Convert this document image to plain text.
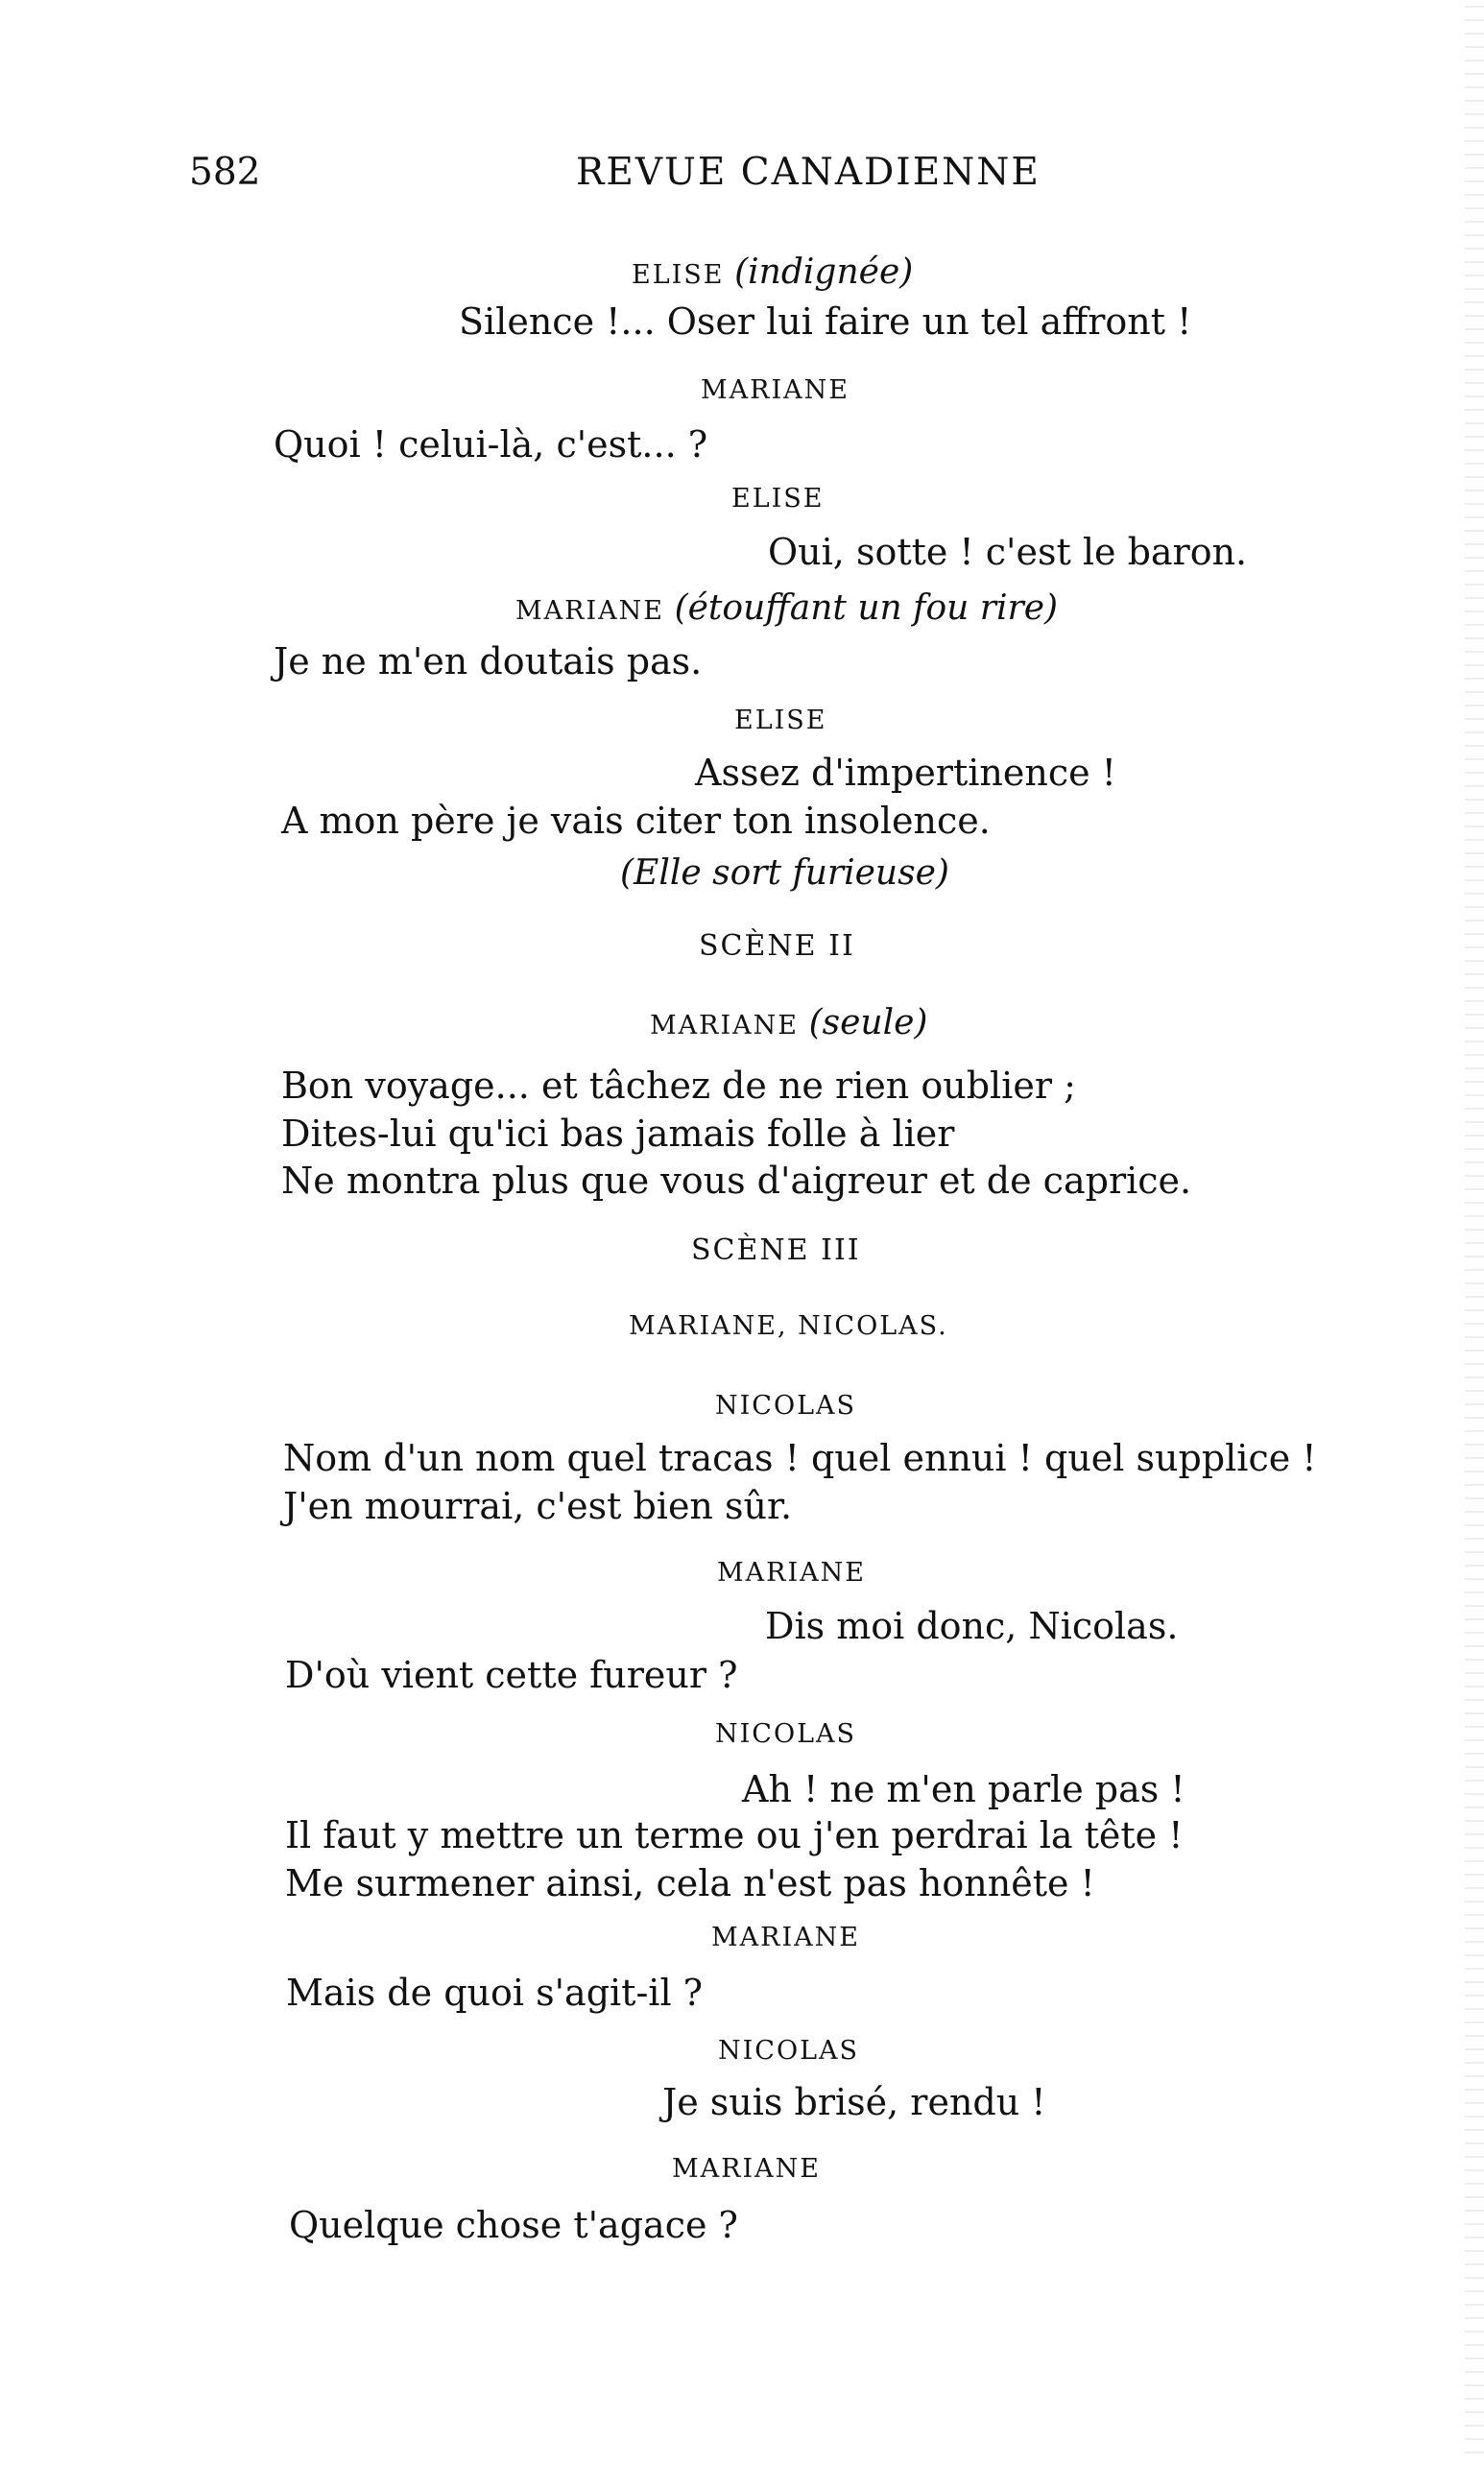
582	REVUE CANADIENNE
ELISE (indignée)
Silence !... Oser lui faire un tel affront !
MARIANE
Quoi ! celui-là, c'est... ?
ELISE
Oui, sotte ! c'est le baron.
MARIANE (étouffant un fou rire)
Je ne m'en doutais pas.
ELISE
Assez d'impertinence !
A mon père je vais citer ton insolence.
(Elle sort furieuse)
SCÈNE II
MARIANE (seule)
Bon voyage... et tâchez de ne rien oublier ;
Dites-lui qu'ici bas jamais folle à lier
Ne montra plus que vous d'aigreur et de caprice.
SCÈNE III
MARIANE, NICOLAS.
NICOLAS
Nom d'un nom quel tracas ! quel ennui ! quel supplice !
J'en mourrai, c'est bien sûr.
MARIANE
Dis moi donc, Nicolas.
D'où vient cette fureur ?
NICOLAS
Ah ! ne m'en parle pas !
Il faut y mettre un terme ou j'en perdrai la tête !
Me surmener ainsi, cela n'est pas honnête !
MARIANE
Mais de quoi s'agit-il ?
NICOLAS
Je suis brisé, rendu !
MARIANE
Quelque chose t'agace ?
